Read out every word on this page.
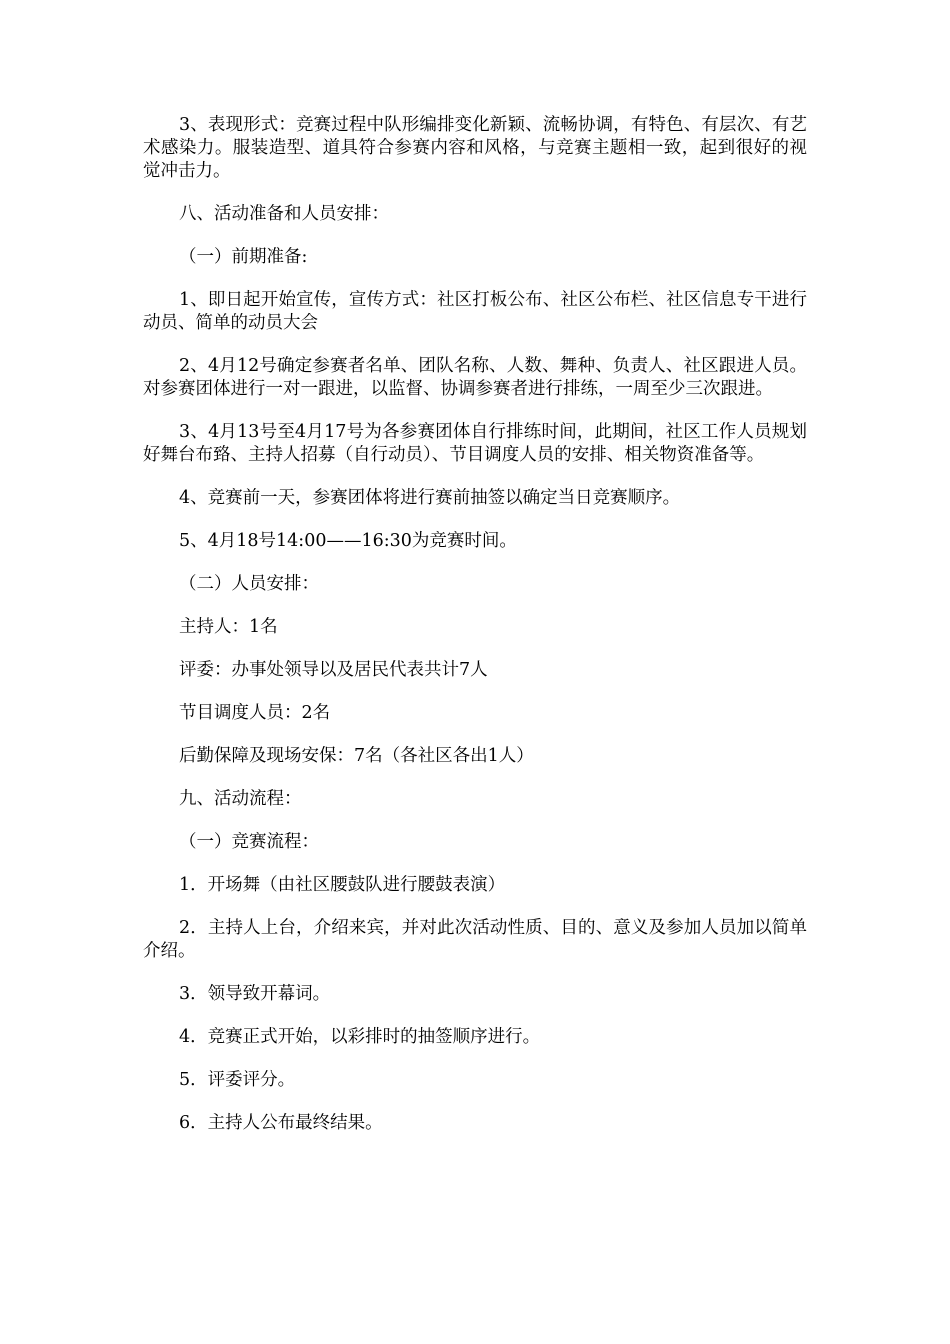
3、表现形式：竞赛过程中队形编排变化新颖、流畅协调，有特色、有层次、有艺术感染力。服装造型、道具符合参赛内容和风格，与竞赛主题相一致，起到很好的视觉冲击力。

八、活动准备和人员安排：

（一）前期准备:

1、即日起开始宣传，宣传方式：社区打板公布、社区公布栏、社区信息专干进行动员、简单的动员大会

2、4月12号确定参赛者名单、团队名称、人数、舞种、负责人、社区跟进人员。对参赛团体进行一对一跟进，以监督、协调参赛者进行排练，一周至少三次跟进。

3、4月13号至4月17号为各参赛团体自行排练时间，此期间，社区工作人员规划好舞台布臵、主持人招募（自行动员）、节目调度人员的安排、相关物资准备等。

4、竞赛前一天，参赛团体将进行赛前抽签以确定当日竞赛顺序。

5、4月18号14:00——16:30为竞赛时间。

（二）人员安排：

主持人：1名

评委：办事处领导以及居民代表共计7人

节目调度人员：2名

后勤保障及现场安保：7名（各社区各出1人）

九、活动流程：

（一）竞赛流程：

1．开场舞（由社区腰鼓队进行腰鼓表演）

2．主持人上台，介绍来宾，并对此次活动性质、目的、意义及参加人员加以简单介绍。

3．领导致开幕词。

4．竞赛正式开始，以彩排时的抽签顺序进行。

5．评委评分。

6．主持人公布最终结果。
